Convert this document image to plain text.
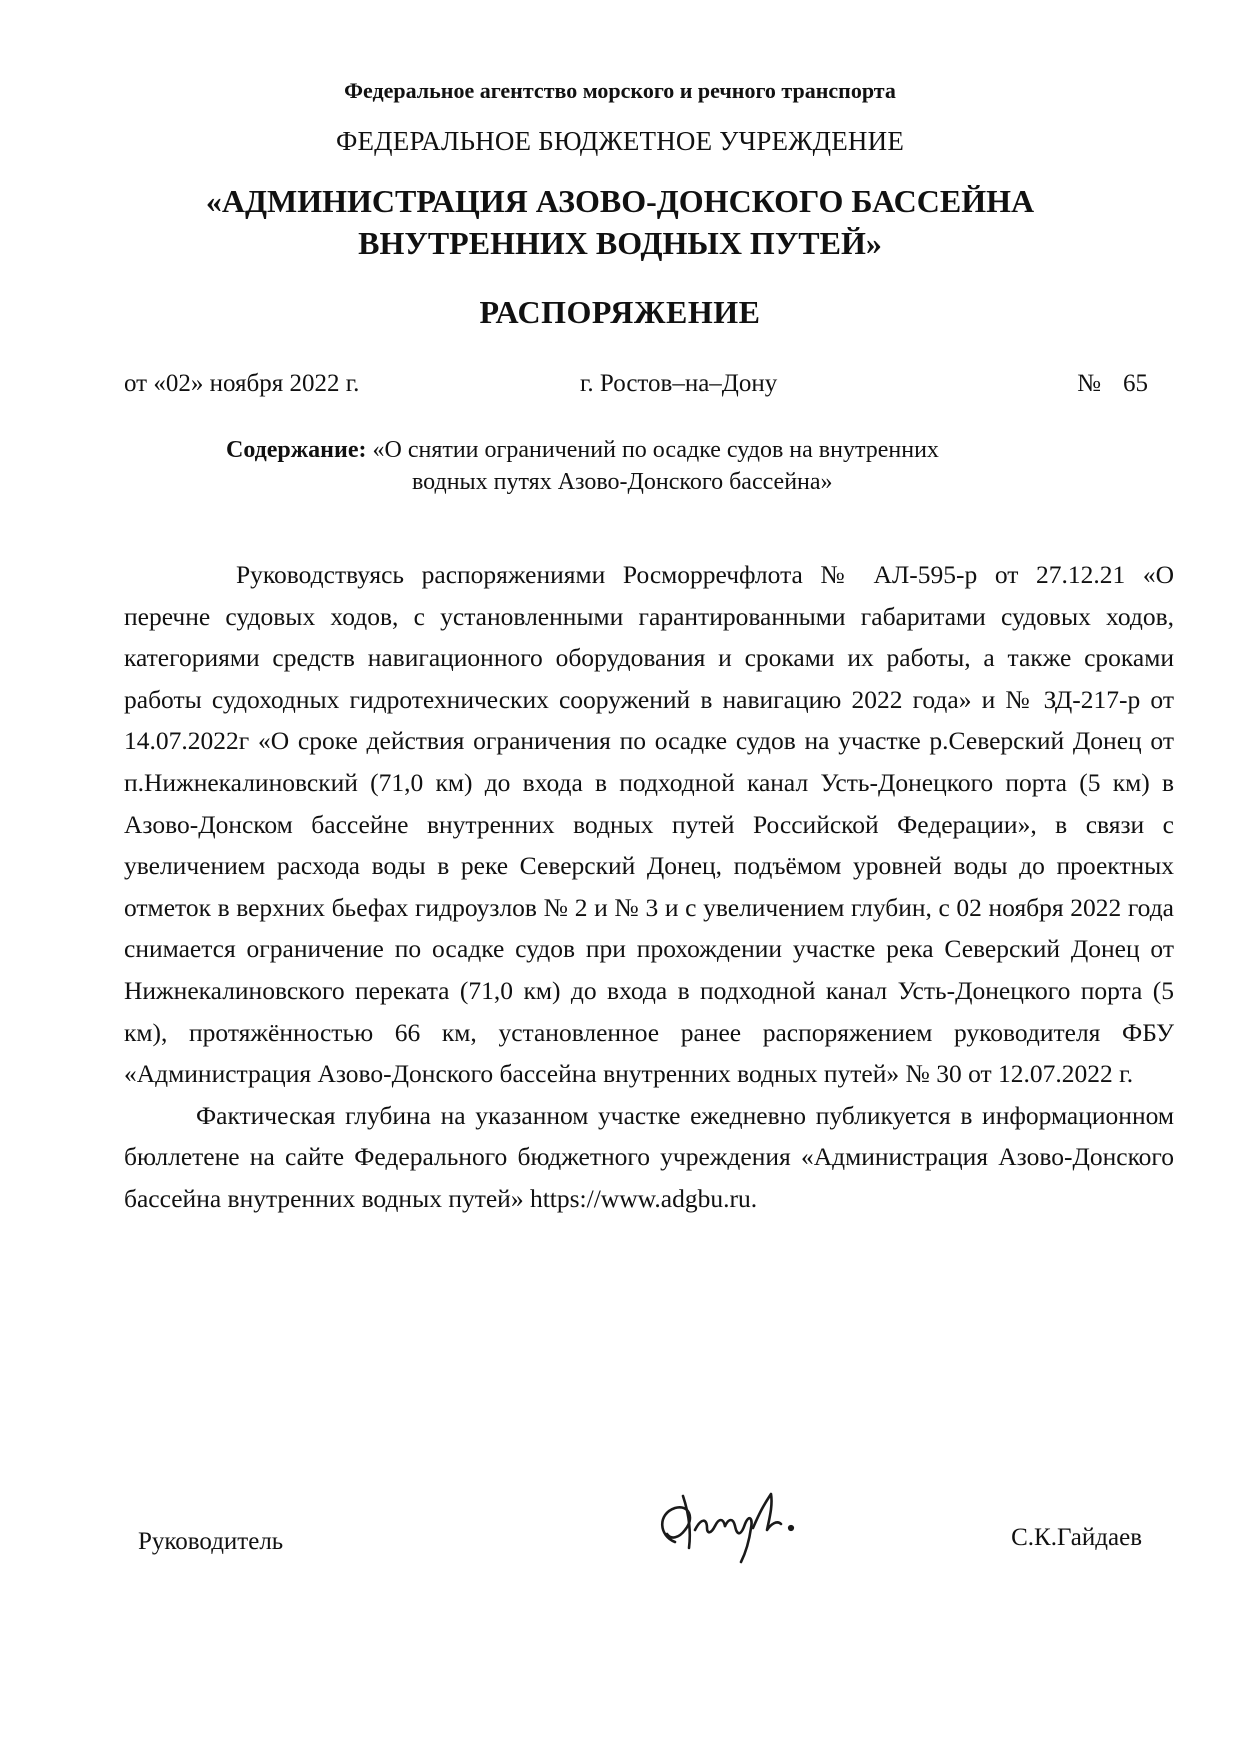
Федеральное агентство морского и речного транспорта
ФЕДЕРАЛЬНОЕ БЮДЖЕТНОЕ УЧРЕЖДЕНИЕ
«АДМИНИСТРАЦИЯ АЗОВО-ДОНСКОГО БАССЕЙНА
ВНУТРЕННИХ ВОДНЫХ ПУТЕЙ»
РАСПОРЯЖЕНИЕ
от «02» ноября 2022 г.	г. Ростов–на–Дону	№ 65
Содержание: «О снятии ограничений по осадке судов на внутренних
водных путях Азово-Донского бассейна»

Руководствуясь распоряжениями Росморречфлота № АЛ-595-р от 27.12.21 «О перечне судовых ходов, с установленными гарантированными габаритами судовых ходов, категориями средств навигационного оборудования и сроками их работы, а также сроками работы судоходных гидротехнических сооружений в навигацию 2022 года» и № ЗД-217-р от 14.07.2022г «О сроке действия ограничения по осадке судов на участке р.Северский Донец от п.Нижнекалиновский (71,0 км) до входа в подходной канал Усть-Донецкого порта (5 км) в Азово-Донском бассейне внутренних водных путей Российской Федерации», в связи с увеличением расхода воды в реке Северский Донец, подъёмом уровней воды до проектных отметок в верхних бьефах гидроузлов № 2 и № 3 и с увеличением глубин, с 02 ноября 2022 года снимается ограничение по осадке судов при прохождении участке река Северский Донец от Нижнекалиновского переката (71,0 км) до входа в подходной канал Усть-Донецкого порта (5 км), протяжённостью 66 км, установленное ранее распоряжением руководителя ФБУ «Администрация Азово-Донского бассейна внутренних водных путей» № 30 от 12.07.2022 г.

Фактическая глубина на указанном участке ежедневно публикуется в информационном бюллетене на сайте Федерального бюджетного учреждения «Администрация Азово-Донского бассейна внутренних водных путей» https://www.adgbu.ru.

Руководитель	С.К.Гайдаев
